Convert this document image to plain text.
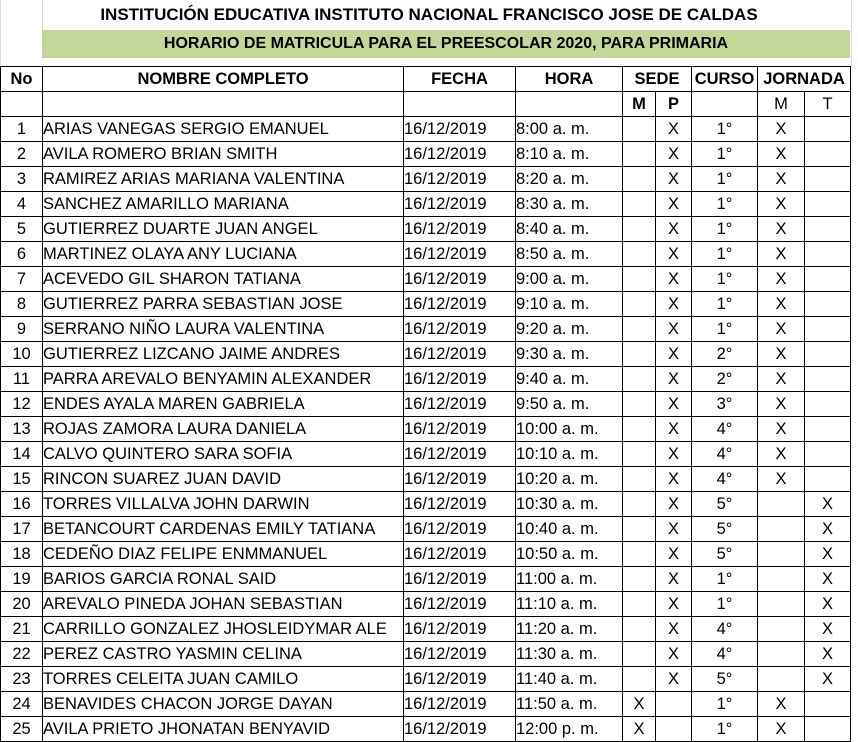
INSTITUCIÓN EDUCATIVA INSTITUTO NACIONAL FRANCISCO JOSE DE CALDAS
HORARIO DE MATRICULA PARA EL PREESCOLAR 2020, PARA PRIMARIA
No	NOMBRE COMPLETO	FECHA	HORA	SEDE		CURSO	JORNADA	
				M	P		M	T
1	ARIAS VANEGAS SERGIO EMANUEL	16/12/2019	8:00 a. m.		X	1°	X	
2	AVILA ROMERO BRIAN SMITH	16/12/2019	8:10 a. m.		X	1°	X	
3	RAMIREZ ARIAS MARIANA VALENTINA	16/12/2019	8:20 a. m.		X	1°	X	
4	SANCHEZ AMARILLO MARIANA	16/12/2019	8:30 a. m.		X	1°	X	
5	GUTIERREZ DUARTE JUAN ANGEL	16/12/2019	8:40 a. m.		X	1°	X	
6	MARTINEZ OLAYA ANY LUCIANA	16/12/2019	8:50 a. m.		X	1°	X	
7	ACEVEDO GIL SHARON TATIANA	16/12/2019	9:00 a. m.		X	1°	X	
8	GUTIERREZ PARRA SEBASTIAN JOSE	16/12/2019	9:10 a. m.		X	1°	X	
9	SERRANO NIÑO LAURA VALENTINA	16/12/2019	9:20 a. m.		X	1°	X	
10	GUTIERREZ LIZCANO JAIME ANDRES	16/12/2019	9:30 a. m.		X	2°	X	
11	PARRA AREVALO BENYAMIN ALEXANDER	16/12/2019	9:40 a. m.		X	2°	X	
12	ENDES AYALA MAREN GABRIELA	16/12/2019	9:50 a. m.		X	3°	X	
13	ROJAS ZAMORA LAURA DANIELA	16/12/2019	10:00 a. m.		X	4°	X	
14	CALVO QUINTERO SARA SOFIA	16/12/2019	10:10 a. m.		X	4°	X	
15	RINCON SUAREZ JUAN DAVID	16/12/2019	10:20 a. m.		X	4°	X	
16	TORRES VILLALVA JOHN DARWIN	16/12/2019	10:30 a. m.		X	5°		X
17	BETANCOURT CARDENAS EMILY TATIANA	16/12/2019	10:40 a. m.		X	5°		X
18	CEDEÑO DIAZ FELIPE ENMMANUEL	16/12/2019	10:50 a. m.		X	5°		X
19	BARIOS GARCIA RONAL SAID	16/12/2019	11:00 a. m.		X	1°		X
20	AREVALO PINEDA JOHAN SEBASTIAN	16/12/2019	11:10 a. m.		X	1°		X
21	CARRILLO GONZALEZ JHOSLEIDYMAR ALE	16/12/2019	11:20 a. m.		X	4°		X
22	PEREZ CASTRO YASMIN CELINA	16/12/2019	11:30 a. m.		X	4°		X
23	TORRES CELEITA JUAN CAMILO	16/12/2019	11:40 a. m.		X	5°		X
24	BENAVIDES CHACON JORGE DAYAN	16/12/2019	11:50 a. m.	X		1°	X	
25	AVILA PRIETO JHONATAN BENYAVID	16/12/2019	12:00 p. m.	X		1°	X	
